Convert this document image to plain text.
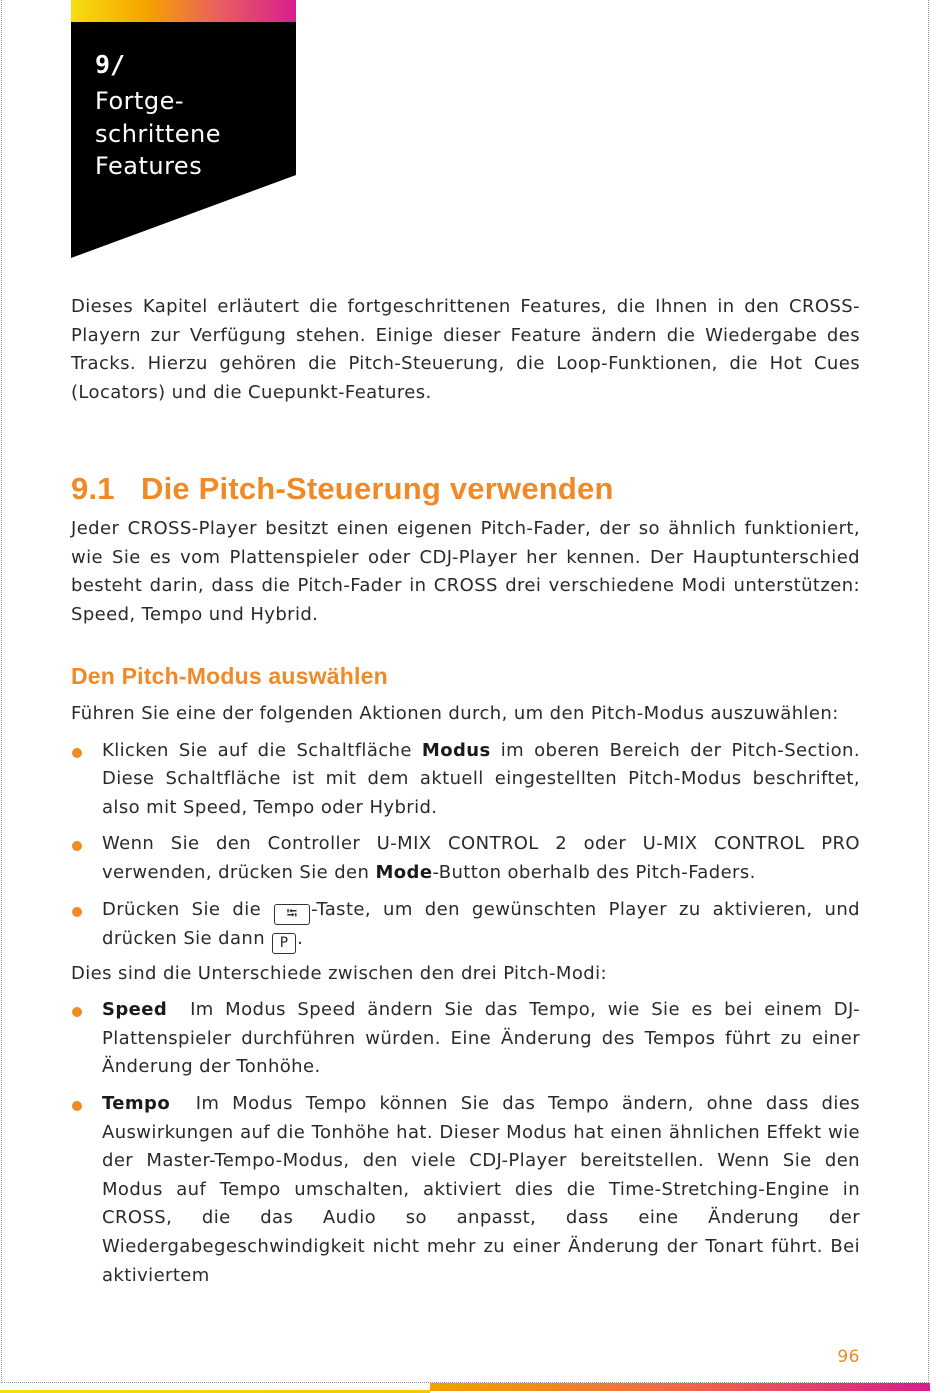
9/
Fortge-
schrittene
Features

Dieses Kapitel erläutert die fortgeschrittenen Features, die Ihnen in den CROSS-Playern zur Verfügung stehen. Einige dieser Feature ändern die Wiedergabe des Tracks. Hierzu gehören die Pitch-Steuerung, die Loop-Funktionen, die Hot Cues (Locators) und die Cuepunkt-Features.

9.1 Die Pitch-Steuerung verwenden

Jeder CROSS-Player besitzt einen eigenen Pitch-Fader, der so ähnlich funktioniert, wie Sie es vom Plattenspieler oder CDJ-Player her kennen. Der Hauptunterschied besteht darin, dass die Pitch-Fader in CROSS drei verschiedene Modi unterstützen: Speed, Tempo und Hybrid.

Den Pitch-Modus auswählen

Führen Sie eine der folgenden Aktionen durch, um den Pitch-Modus auszuwählen:

Klicken Sie auf die Schaltfläche Modus im oberen Bereich der Pitch-Section. Diese Schaltfläche ist mit dem aktuell eingestellten Pitch-Modus beschriftet, also mit Speed, Tempo oder Hybrid.
Wenn Sie den Controller U-MIX CONTROL 2 oder U-MIX CONTROL PRO verwenden, drücken Sie den Mode-Button oberhalb des Pitch-Faders.
Drücken Sie die ⭾ -Taste, um den gewünschten Player zu aktivieren, und drücken Sie dann P .

Dies sind die Unterschiede zwischen den drei Pitch-Modi:

Speed Im Modus Speed ändern Sie das Tempo, wie Sie es bei einem DJ-Plattenspieler durchführen würden. Eine Änderung des Tempos führt zu einer Änderung der Tonhöhe.
Tempo Im Modus Tempo können Sie das Tempo ändern, ohne dass dies Auswirkungen auf die Tonhöhe hat. Dieser Modus hat einen ähnlichen Effekt wie der Master-Tempo-Modus, den viele CDJ-Player bereitstellen. Wenn Sie den Modus auf Tempo umschalten, aktiviert dies die Time-Stretching-Engine in CROSS, die das Audio so anpasst, dass eine Änderung der Wiedergabegeschwindigkeit nicht mehr zu einer Änderung der Tonart führt. Bei aktiviertem
96
